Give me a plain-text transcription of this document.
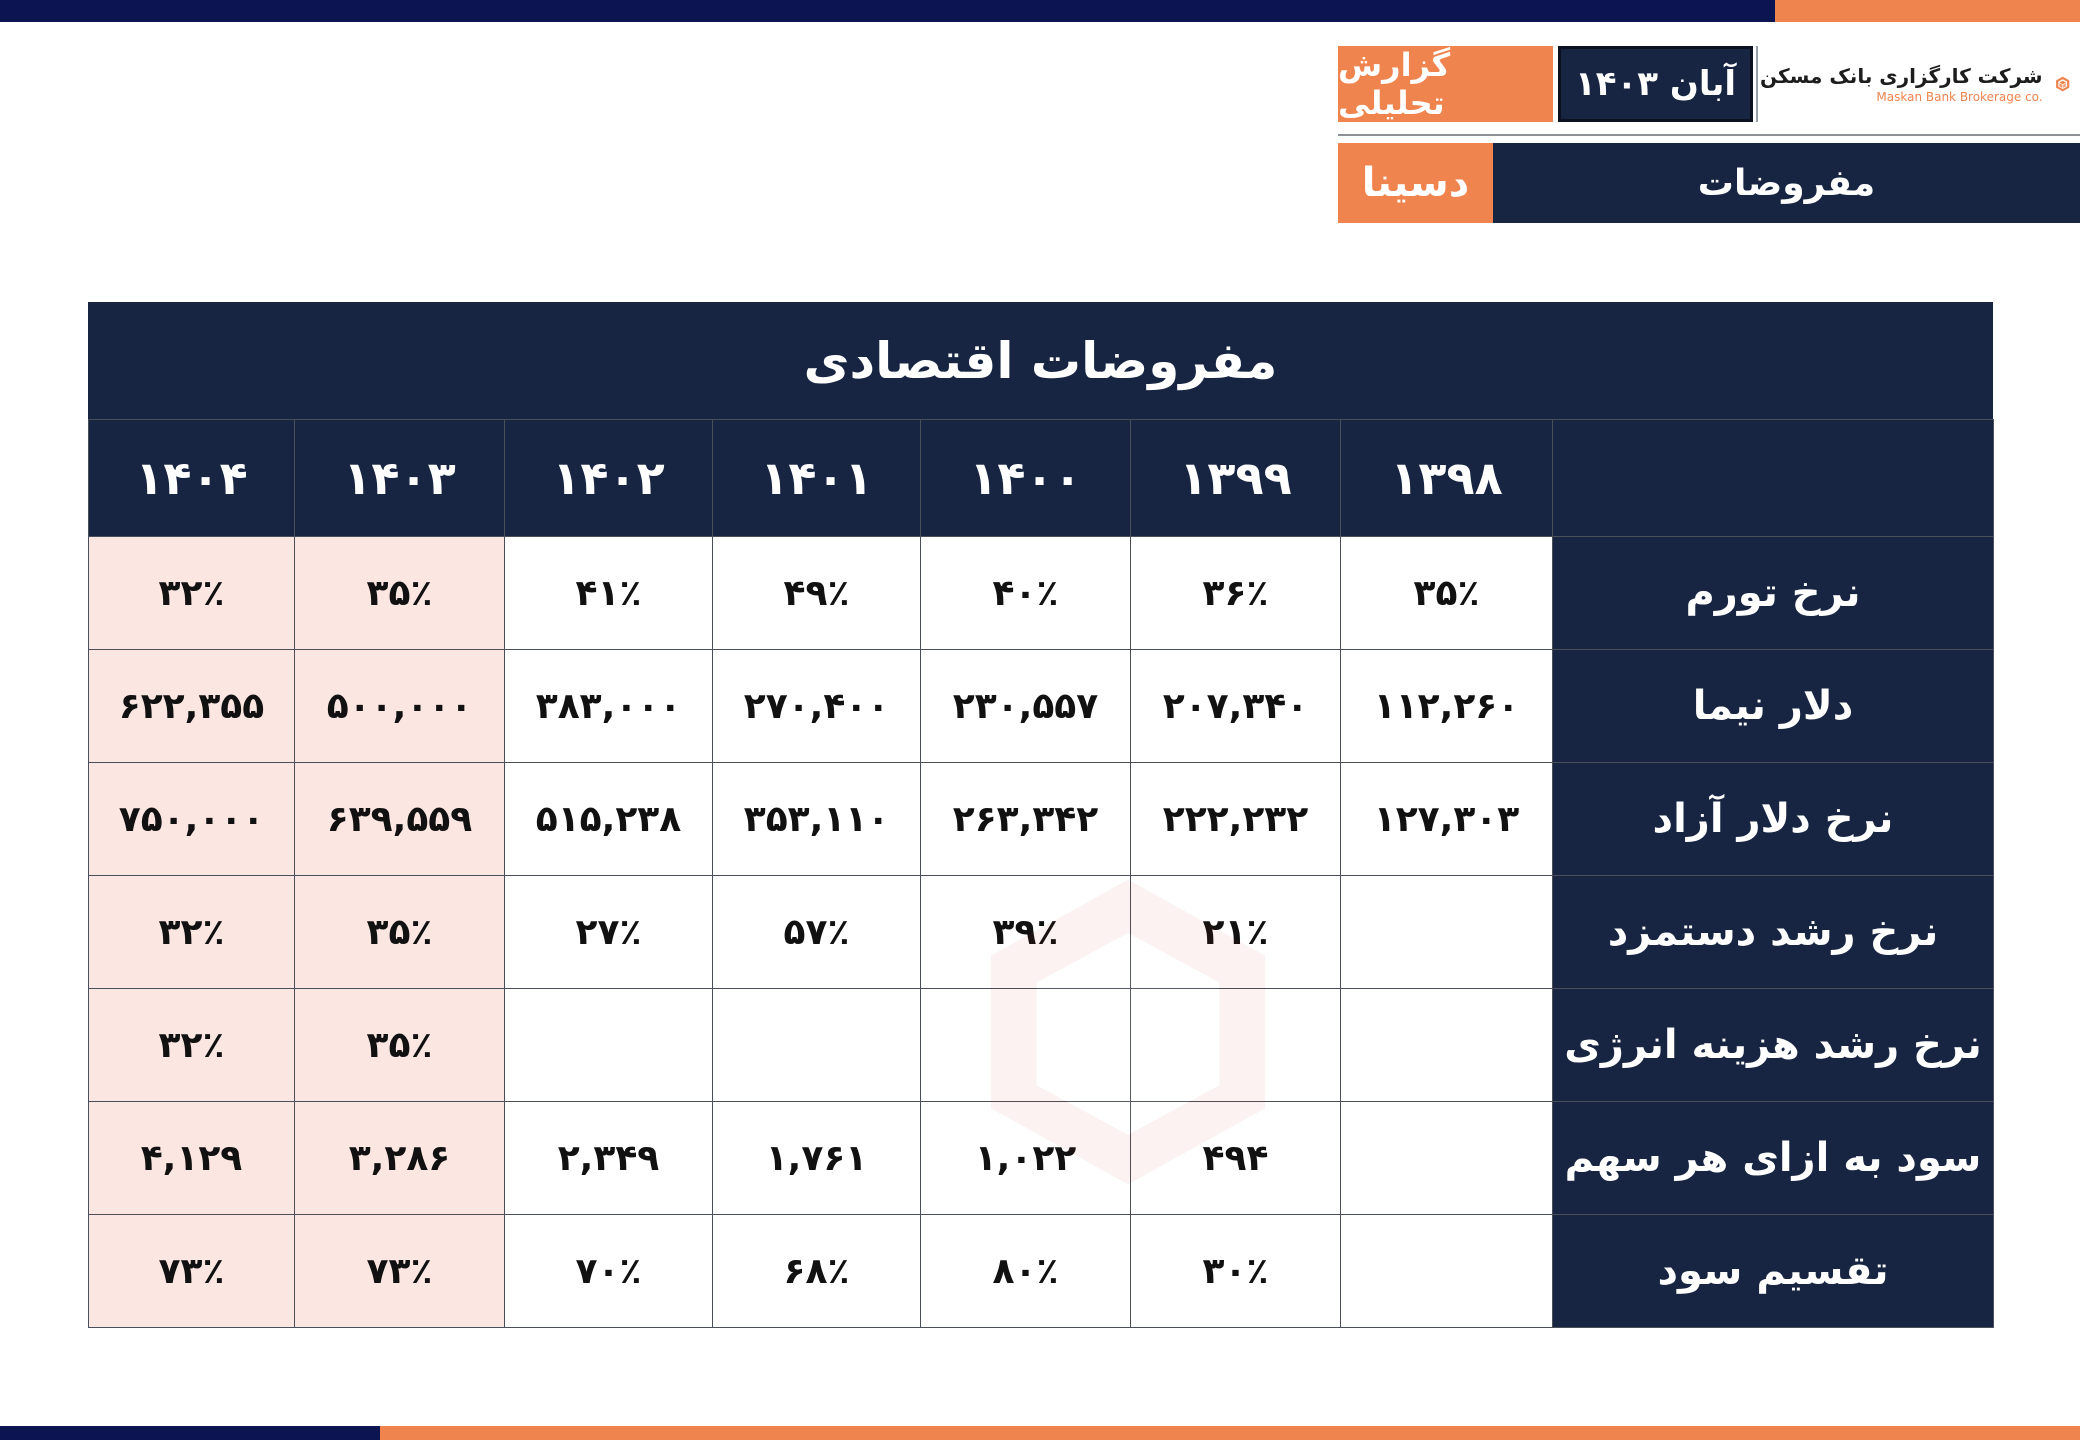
گزارش تحلیلی	آبان ۱۴۰۳	شرکت کارگزاری بانک مسکن
Maskan Bank Brokerage co.
دسینا	مفروضات
مفروضات اقتصادی
۱۴۰۴	۱۴۰۳	۱۴۰۲	۱۴۰۱	۱۴۰۰	۱۳۹۹	۱۳۹۸	
۳۲٪	۳۵٪	۴۱٪	۴۹٪	۴۰٪	۳۶٪	۳۵٪	نرخ تورم
۶۲۲,۳۵۵	۵۰۰,۰۰۰	۳۸۳,۰۰۰	۲۷۰,۴۰۰	۲۳۰,۵۵۷	۲۰۷,۳۴۰	۱۱۲,۲۶۰	دلار نیما
۷۵۰,۰۰۰	۶۳۹,۵۵۹	۵۱۵,۲۳۸	۳۵۳,۱۱۰	۲۶۳,۳۴۲	۲۲۲,۲۳۲	۱۲۷,۳۰۳	نرخ دلار آزاد
۳۲٪	۳۵٪	۲۷٪	۵۷٪	۳۹٪	۲۱٪		نرخ رشد دستمزد
۳۲٪	۳۵٪						نرخ رشد هزینه انرژی
۴,۱۲۹	۳,۲۸۶	۲,۳۴۹	۱,۷۶۱	۱,۰۲۲	۴۹۴		سود به ازای هر سهم
۷۳٪	۷۳٪	۷۰٪	۶۸٪	۸۰٪	۳۰٪		تقسیم سود
